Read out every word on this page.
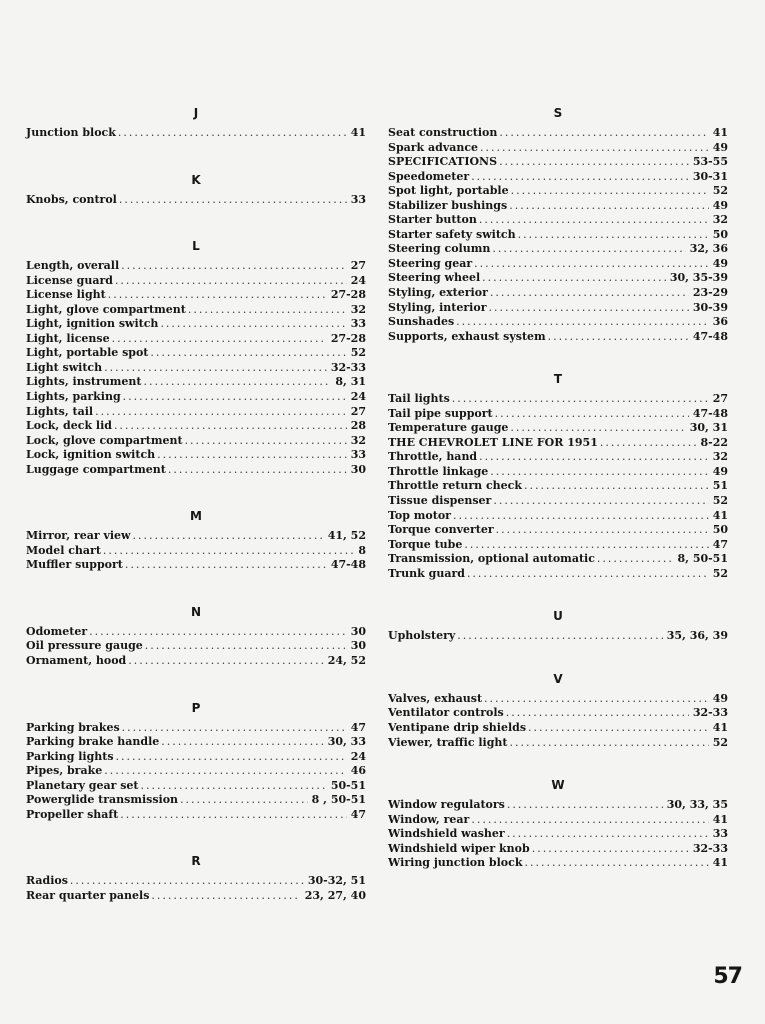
J
Junction block .....	41
K
Knobs, control .....	33
L
Length, overall .....	27
License guard .....	24
License light .....	27-28
Light, glove compartment .....	32
Light, ignition switch .....	33
Light, license .....	27-28
Light, portable spot .....	52
Light switch .....	32-33
Lights, instrument .....	8, 31
Lights, parking .....	24
Lights, tail .....	27
Lock, deck lid .....	28
Lock, glove compartment .....	32
Lock, ignition switch .....	33
Luggage compartment .....	30
M
Mirror, rear view .....	41, 52
Model chart .....	8
Muffler support .....	47-48
N
Odometer .....	30
Oil pressure gauge .....	30
Ornament, hood .....	24, 52
P
Parking brakes .....	47
Parking brake handle .....	30, 33
Parking lights .....	24
Pipes, brake .....	46
Planetary gear set .....	50-51
Powerglide transmission .....	8 , 50-51
Propeller shaft .....	47
R
Radios .....	30-32, 51
Rear quarter panels .....	23, 27, 40
S
Seat construction .....	41
Spark advance .....	49
SPECIFICATIONS .....	53-55
Speedometer .....	30-31
Spot light, portable .....	52
Stabilizer bushings .....	49
Starter button .....	32
Starter safety switch .....	50
Steering column .....	32, 36
Steering gear .....	49
Steering wheel .....	30, 35-39
Styling, exterior .....	23-29
Styling, interior .....	30-39
Sunshades .....	36
Supports, exhaust system .....	47-48
T
Tail lights .....	27
Tail pipe support .....	47-48
Temperature gauge .....	30, 31
THE CHEVROLET LINE FOR 1951 .....	8-22
Throttle, hand .....	32
Throttle linkage .....	49
Throttle return check .....	51
Tissue dispenser .....	52
Top motor .....	41
Torque converter .....	50
Torque tube .....	47
Transmission, optional automatic .....	8, 50-51
Trunk guard .....	52
U
Upholstery .....	35, 36, 39
V
Valves, exhaust .....	49
Ventilator controls .....	32-33
Ventipane drip shields .....	41
Viewer, traffic light .....	52
W
Window regulators .....	30, 33, 35
Window, rear .....	41
Windshield washer .....	33
Windshield wiper knob .....	32-33
Wiring junction block .....	41
57
